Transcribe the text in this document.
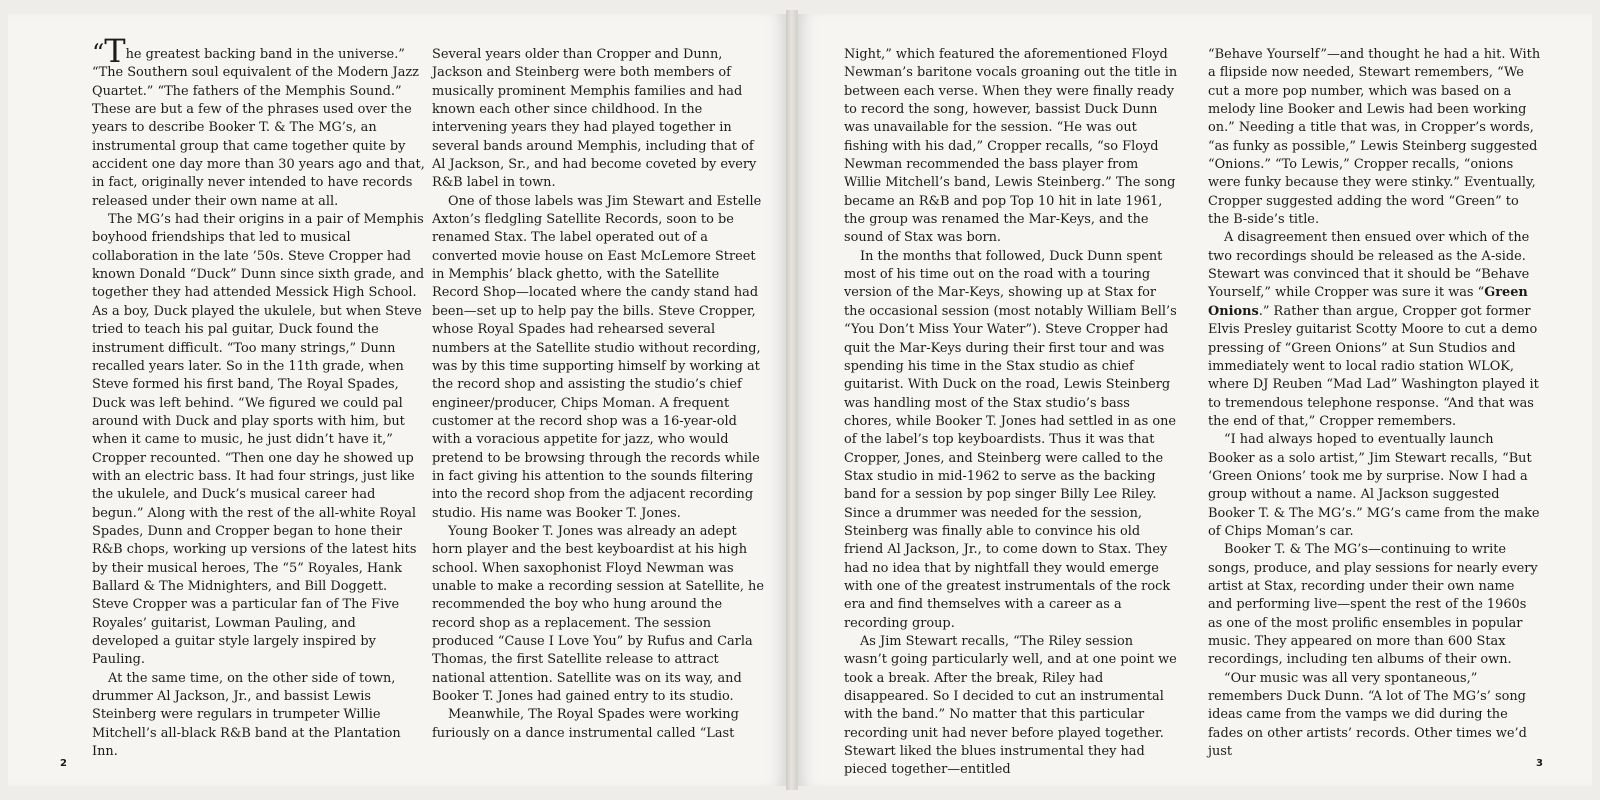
“The greatest backing band in the universe.” “The Southern soul equivalent of the Modern Jazz Quartet.” “The fathers of the Memphis Sound.” These are but a few of the phrases used over the years to describe Booker T. & The MG’s, an instrumental group that came together quite by accident one day more than 30 years ago and that, in fact, originally never intended to have records released under their own name at all.

The MG’s had their origins in a pair of Memphis boyhood friendships that led to musical collaboration in the late ’50s. Steve Cropper had known Donald “Duck” Dunn since sixth grade, and together they had attended Messick High School. As a boy, Duck played the ukulele, but when Steve tried to teach his pal guitar, Duck found the instrument difficult. “Too many strings,” Dunn recalled years later. So in the 11th grade, when Steve formed his first band, The Royal Spades, Duck was left behind. “We figured we could pal around with Duck and play sports with him, but when it came to music, he just didn’t have it,” Cropper recounted. “Then one day he showed up with an electric bass. It had four strings, just like the ukulele, and Duck’s musical career had begun.” Along with the rest of the all-white Royal Spades, Dunn and Cropper began to hone their R&B chops, working up versions of the latest hits by their musical heroes, The “5” Royales, Hank Ballard & The Midnighters, and Bill Doggett. Steve Cropper was a particular fan of The Five Royales’ guitarist, Lowman Pauling, and developed a guitar style largely inspired by Pauling.

At the same time, on the other side of town, drummer Al Jackson, Jr., and bassist Lewis Steinberg were regulars in trumpeter Willie Mitchell’s all-black R&B band at the Plantation Inn.

Several years older than Cropper and Dunn, Jackson and Steinberg were both members of musically prominent Memphis families and had known each other since childhood. In the intervening years they had played together in several bands around Memphis, including that of Al Jackson, Sr., and had become coveted by every R&B label in town.

One of those labels was Jim Stewart and Estelle Axton’s fledgling Satellite Records, soon to be renamed Stax. The label operated out of a converted movie house on East McLemore Street in Memphis’ black ghetto, with the Satellite Record Shop—located where the candy stand had been—set up to help pay the bills. Steve Cropper, whose Royal Spades had rehearsed several numbers at the Satellite studio without recording, was by this time supporting himself by working at the record shop and assisting the studio’s chief engineer/producer, Chips Moman. A frequent customer at the record shop was a 16-year-old with a voracious appetite for jazz, who would pretend to be browsing through the records while in fact giving his attention to the sounds filtering into the record shop from the adjacent recording studio. His name was Booker T. Jones.

Young Booker T. Jones was already an adept horn player and the best keyboardist at his high school. When saxophonist Floyd Newman was unable to make a recording session at Satellite, he recommended the boy who hung around the record shop as a replacement. The session produced “Cause I Love You” by Rufus and Carla Thomas, the first Satellite release to attract national attention. Satellite was on its way, and Booker T. Jones had gained entry to its studio.

Meanwhile, The Royal Spades were working furiously on a dance instrumental called “Last

Night,” which featured the aforementioned Floyd Newman’s baritone vocals groaning out the title in between each verse. When they were finally ready to record the song, however, bassist Duck Dunn was unavailable for the session. “He was out fishing with his dad,” Cropper recalls, “so Floyd Newman recommended the bass player from Willie Mitchell’s band, Lewis Steinberg.” The song became an R&B and pop Top 10 hit in late 1961, the group was renamed the Mar-Keys, and the sound of Stax was born.

In the months that followed, Duck Dunn spent most of his time out on the road with a touring version of the Mar-Keys, showing up at Stax for the occasional session (most notably William Bell’s “You Don’t Miss Your Water”). Steve Cropper had quit the Mar-Keys during their first tour and was spending his time in the Stax studio as chief guitarist. With Duck on the road, Lewis Steinberg was handling most of the Stax studio’s bass chores, while Booker T. Jones had settled in as one of the label’s top keyboardists. Thus it was that Cropper, Jones, and Steinberg were called to the Stax studio in mid-1962 to serve as the backing band for a session by pop singer Billy Lee Riley. Since a drummer was needed for the session, Steinberg was finally able to convince his old friend Al Jackson, Jr., to come down to Stax. They had no idea that by nightfall they would emerge with one of the greatest instrumentals of the rock era and find themselves with a career as a recording group.

As Jim Stewart recalls, “The Riley session wasn’t going particularly well, and at one point we took a break. After the break, Riley had disappeared. So I decided to cut an instrumental with the band.” No matter that this particular recording unit had never before played together. Stewart liked the blues instrumental they had pieced together—entitled

“Behave Yourself”—and thought he had a hit. With a flipside now needed, Stewart remembers, “We cut a more pop number, which was based on a melody line Booker and Lewis had been working on.” Needing a title that was, in Cropper’s words, “as funky as possible,” Lewis Steinberg suggested “Onions.” “To Lewis,” Cropper recalls, “onions were funky because they were stinky.” Eventually, Cropper suggested adding the word “Green” to the B-side’s title.

A disagreement then ensued over which of the two recordings should be released as the A-side. Stewart was convinced that it should be “Behave Yourself,” while Cropper was sure it was “Green Onions.” Rather than argue, Cropper got former Elvis Presley guitarist Scotty Moore to cut a demo pressing of “Green Onions” at Sun Studios and immediately went to local radio station WLOK, where DJ Reuben “Mad Lad” Washington played it to tremendous telephone response. “And that was the end of that,” Cropper remembers.

“I had always hoped to eventually launch Booker as a solo artist,” Jim Stewart recalls, “But ‘Green Onions’ took me by surprise. Now I had a group without a name. Al Jackson suggested Booker T. & The MG’s.” MG’s came from the make of Chips Moman’s car.

Booker T. & The MG’s—continuing to write songs, produce, and play sessions for nearly every artist at Stax, recording under their own name and performing live—spent the rest of the 1960s as one of the most prolific ensembles in popular music. They appeared on more than 600 Stax recordings, including ten albums of their own.

“Our music was all very spontaneous,” remembers Duck Dunn. “A lot of The MG’s’ song ideas came from the vamps we did during the fades on other artists’ records. Other times we’d just

2	3
